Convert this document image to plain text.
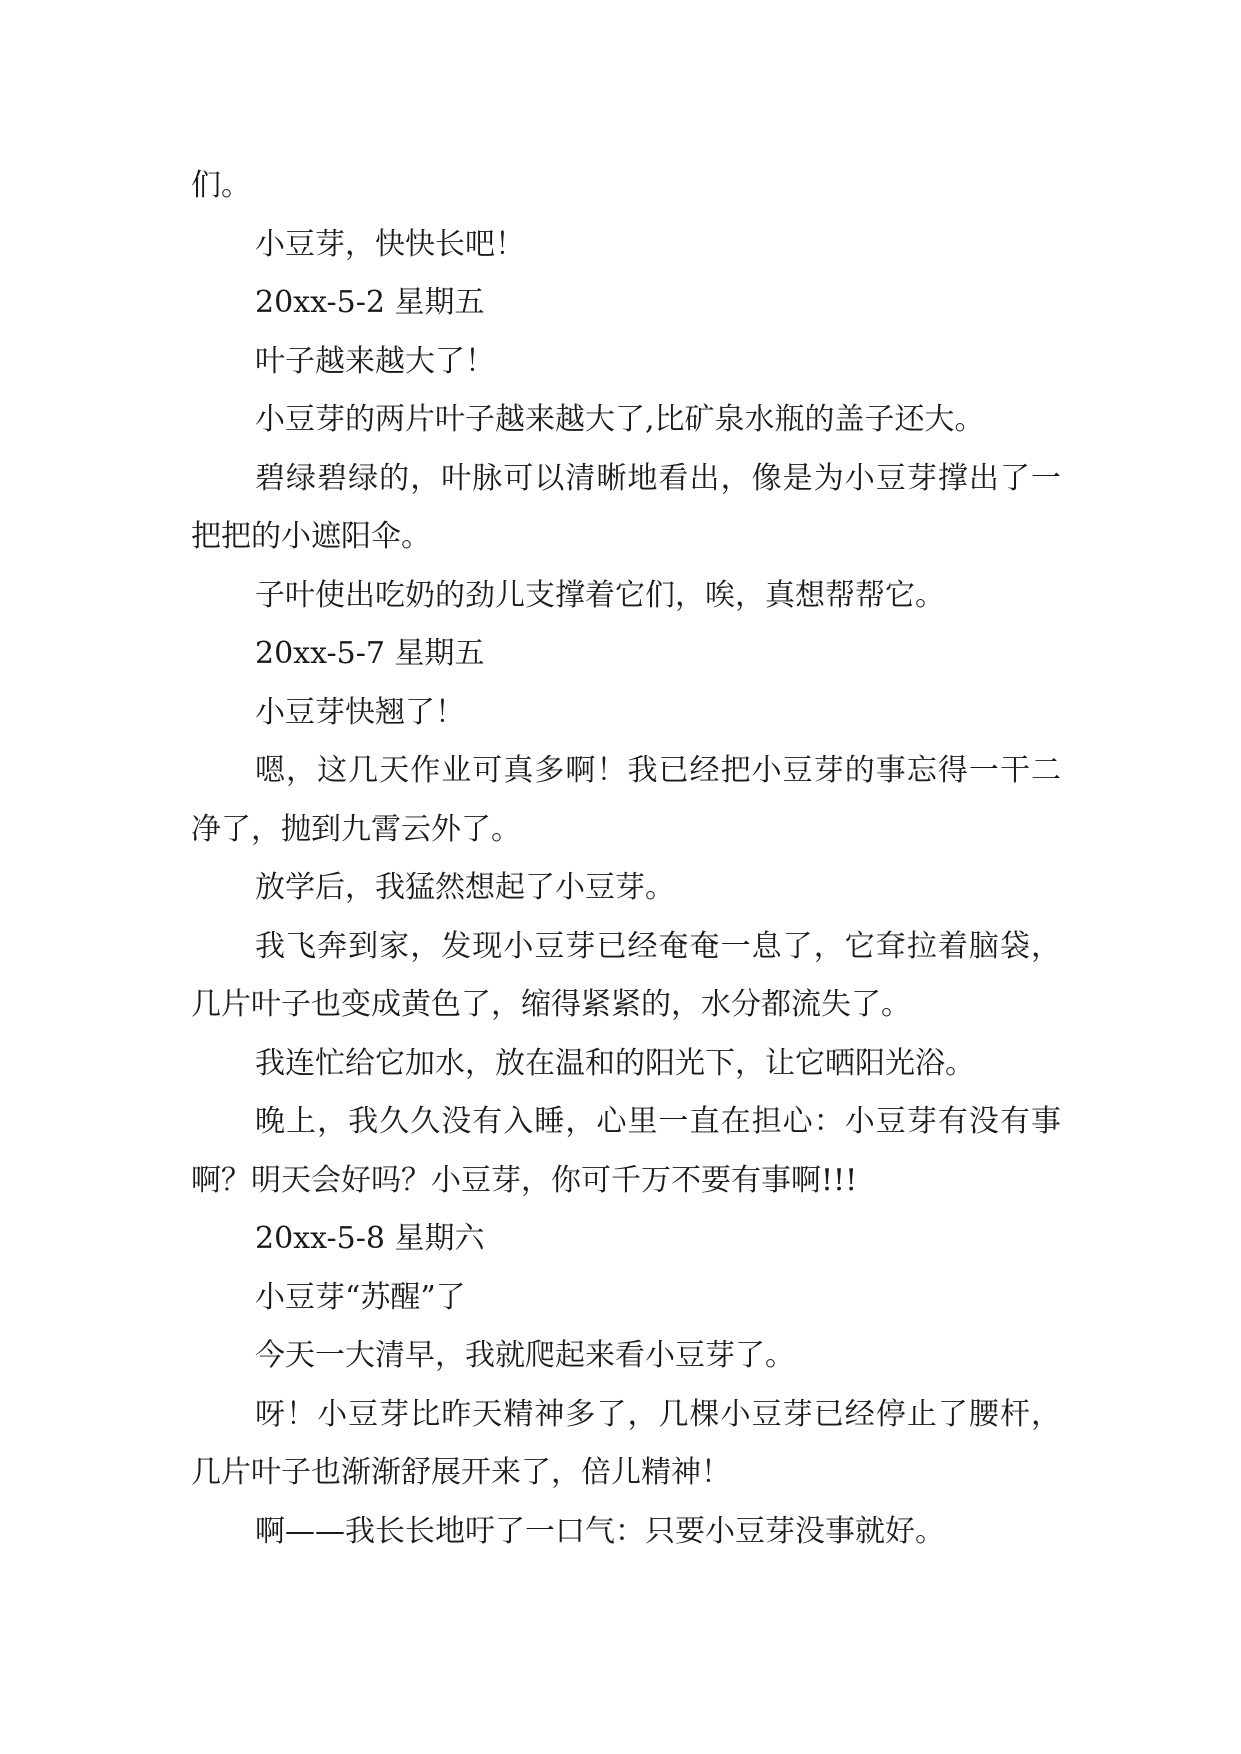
们。

小豆芽，快快长吧！

20xx-5-2 星期五

叶子越来越大了！

小豆芽的两片叶子越来越大了,比矿泉水瓶的盖子还大。

碧绿碧绿的，叶脉可以清晰地看出，像是为小豆芽撑出了一把把的小遮阳伞。

子叶使出吃奶的劲儿支撑着它们，唉，真想帮帮它。

20xx-5-7 星期五

小豆芽快翘了！

嗯，这几天作业可真多啊！我已经把小豆芽的事忘得一干二净了，抛到九霄云外了。

放学后，我猛然想起了小豆芽。

我飞奔到家，发现小豆芽已经奄奄一息了，它耷拉着脑袋，几片叶子也变成黄色了，缩得紧紧的，水分都流失了。

我连忙给它加水，放在温和的阳光下，让它晒阳光浴。

晚上，我久久没有入睡，心里一直在担心：小豆芽有没有事啊？明天会好吗？小豆芽，你可千万不要有事啊!!!

20xx-5-8 星期六

小豆芽“苏醒”了

今天一大清早，我就爬起来看小豆芽了。

呀！小豆芽比昨天精神多了，几棵小豆芽已经停止了腰杆，几片叶子也渐渐舒展开来了，倍儿精神！

啊——我长长地吁了一口气：只要小豆芽没事就好。
